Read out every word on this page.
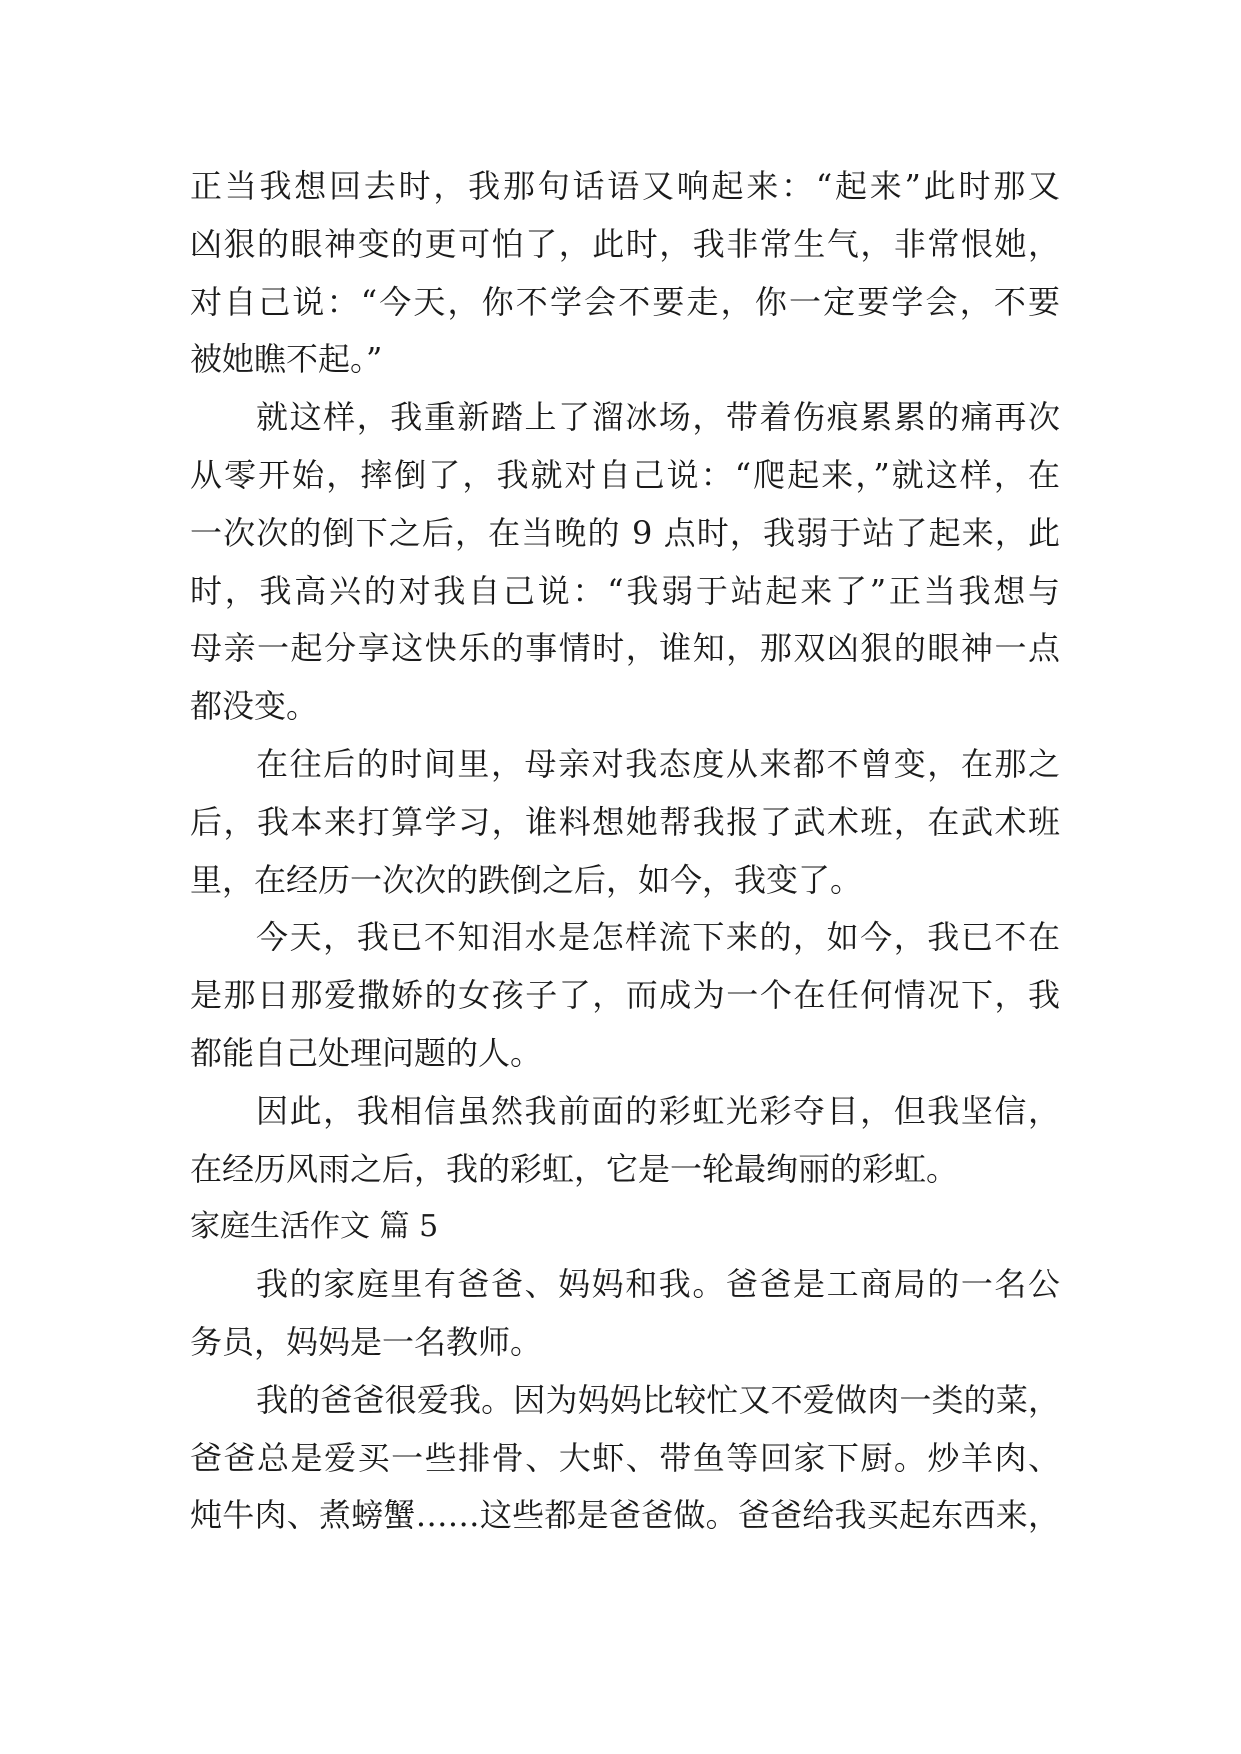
正当我想回去时，我那句话语又响起来：“起来”此时那又
凶狠的眼神变的更可怕了，此时，我非常生气，非常恨她，
对自己说：“今天，你不学会不要走，你一定要学会，不要
被她瞧不起。”
就这样，我重新踏上了溜冰场，带着伤痕累累的痛再次
从零开始，摔倒了，我就对自己说：“爬起来，”就这样，在
一次次的倒下之后，在当晚的 9 点时，我弱于站了起来，此
时，我高兴的对我自己说：“我弱于站起来了”正当我想与
母亲一起分享这快乐的事情时，谁知，那双凶狠的眼神一点
都没变。
在往后的时间里，母亲对我态度从来都不曾变，在那之
后，我本来打算学习，谁料想她帮我报了武术班，在武术班
里，在经历一次次的跌倒之后，如今，我变了。
今天，我已不知泪水是怎样流下来的，如今，我已不在
是那日那爱撒娇的女孩子了，而成为一个在任何情况下，我
都能自己处理问题的人。
因此，我相信虽然我前面的彩虹光彩夺目，但我坚信，
在经历风雨之后，我的彩虹，它是一轮最绚丽的彩虹。
家庭生活作文 篇 5
我的家庭里有爸爸、妈妈和我。爸爸是工商局的一名公
务员，妈妈是一名教师。
我的爸爸很爱我。因为妈妈比较忙又不爱做肉一类的菜，
爸爸总是爱买一些排骨、大虾、带鱼等回家下厨。炒羊肉、
炖牛肉、煮螃蟹……这些都是爸爸做。爸爸给我买起东西来，
